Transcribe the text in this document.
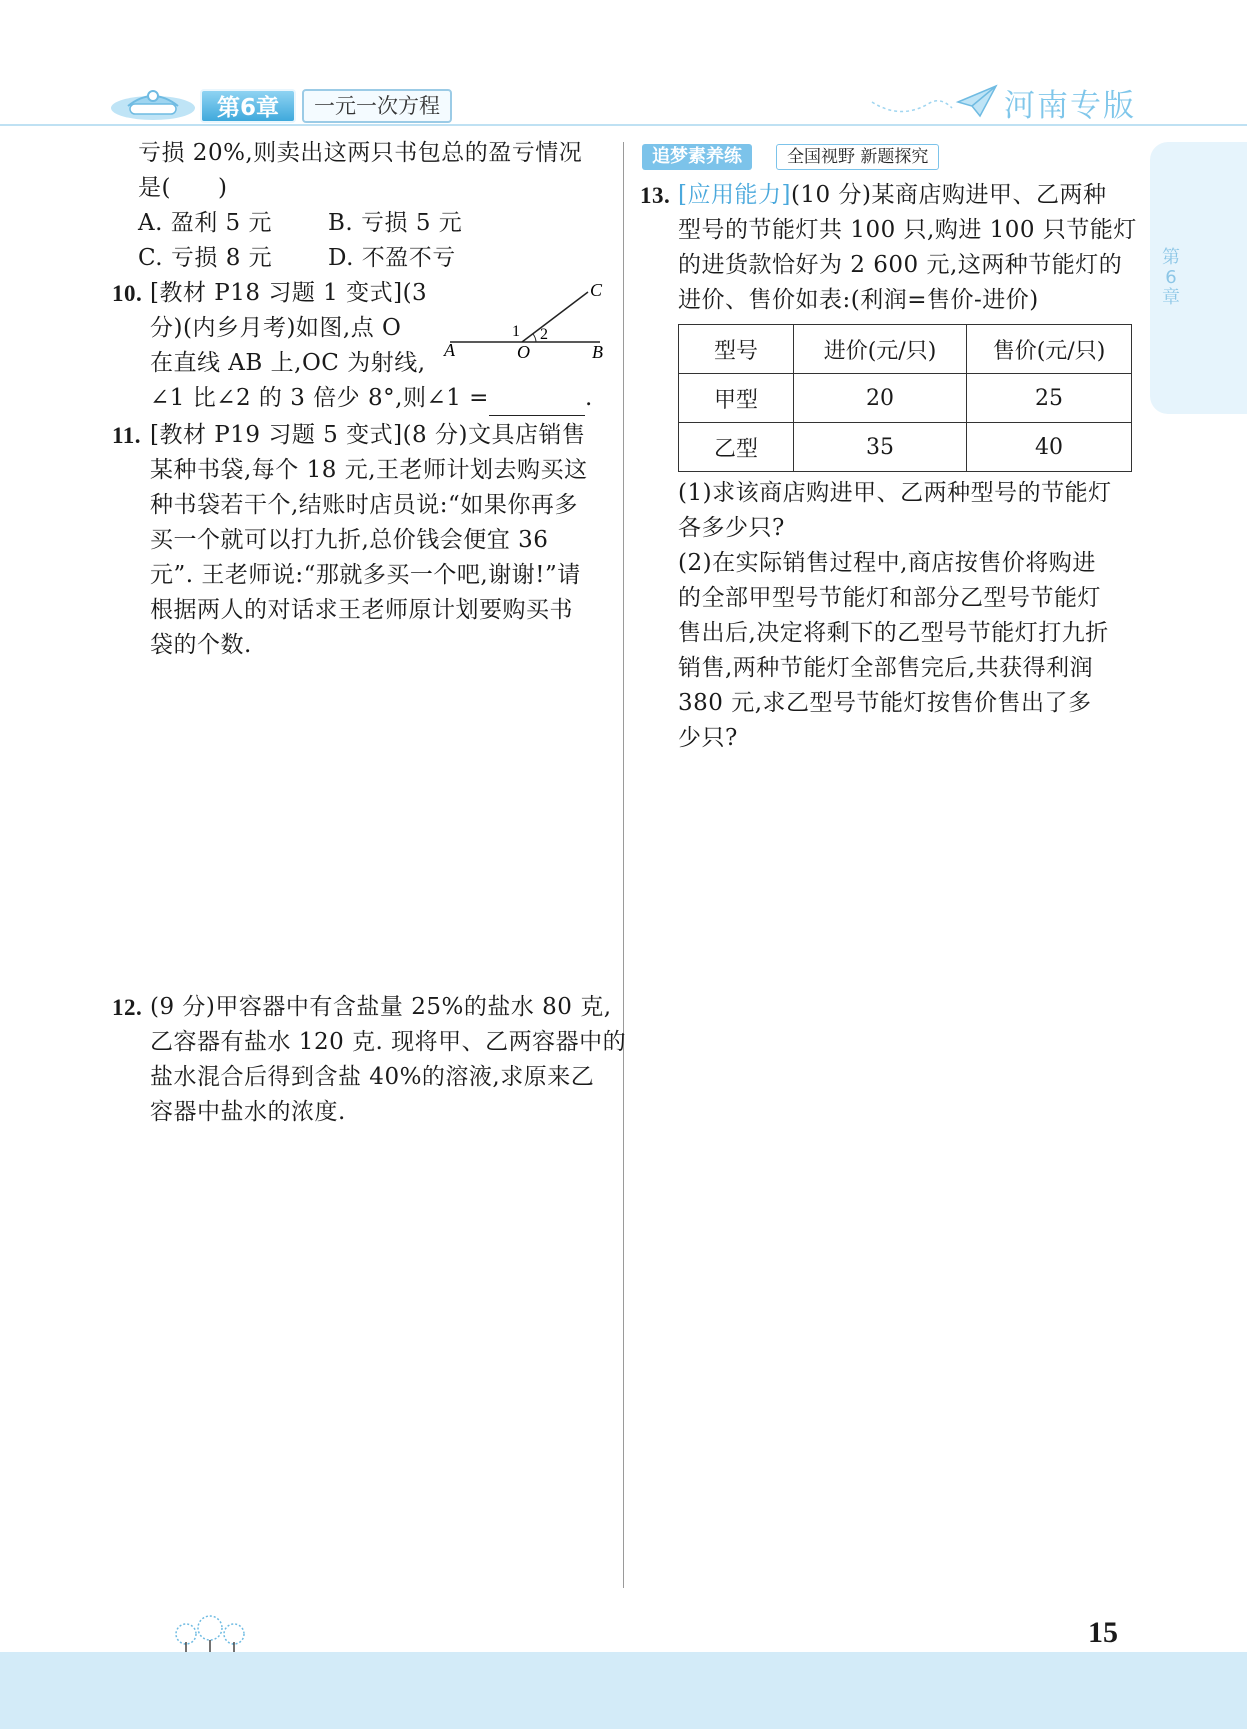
第6章	一元一次方程	河南专版
第6章
亏损 20%,则卖出这两只书包总的盈亏情况
是(　　)
A. 盈利 5 元 B. 亏损 5 元
C. 亏损 8 元 D. 不盈不亏
10. [教材 P18 习题 1 变式](3
分)(内乡月考)如图,点 O
在直线 AB 上,OC 为射线,
∠1 比∠2 的 3 倍少 8°,则∠1 =	.
A	O	B
C
1 2
11. [教材 P19 习题 5 变式](8 分)文具店销售
某种书袋,每个 18 元,王老师计划去购买这
种书袋若干个,结账时店员说:“如果你再多
买一个就可以打九折,总价钱会便宜 36
元”. 王老师说:“那就多买一个吧,谢谢!”请
根据两人的对话求王老师原计划要购买书
袋的个数.
12. (9 分)甲容器中有含盐量 25%的盐水 80 克,
乙容器有盐水 120 克. 现将甲、乙两容器中的
盐水混合后得到含盐 40%的溶液,求原来乙
容器中盐水的浓度.
追梦素养练	全国视野 新题探究
13. [应用能力](10 分)某商店购进甲、乙两种
型号的节能灯共 100 只,购进 100 只节能灯
的进货款恰好为 2 600 元,这两种节能灯的
进价、售价如表:(利润=售价-进价)
型号	进价(元/只)	售价(元/只)
甲型	20	25
乙型	35	40
(1)求该商店购进甲、乙两种型号的节能灯
各多少只?
(2)在实际销售过程中,商店按售价将购进
的全部甲型号节能灯和部分乙型号节能灯
售出后,决定将剩下的乙型号节能灯打九折
销售,两种节能灯全部售完后,共获得利润
380 元,求乙型号节能灯按售价售出了多
少只?
15
